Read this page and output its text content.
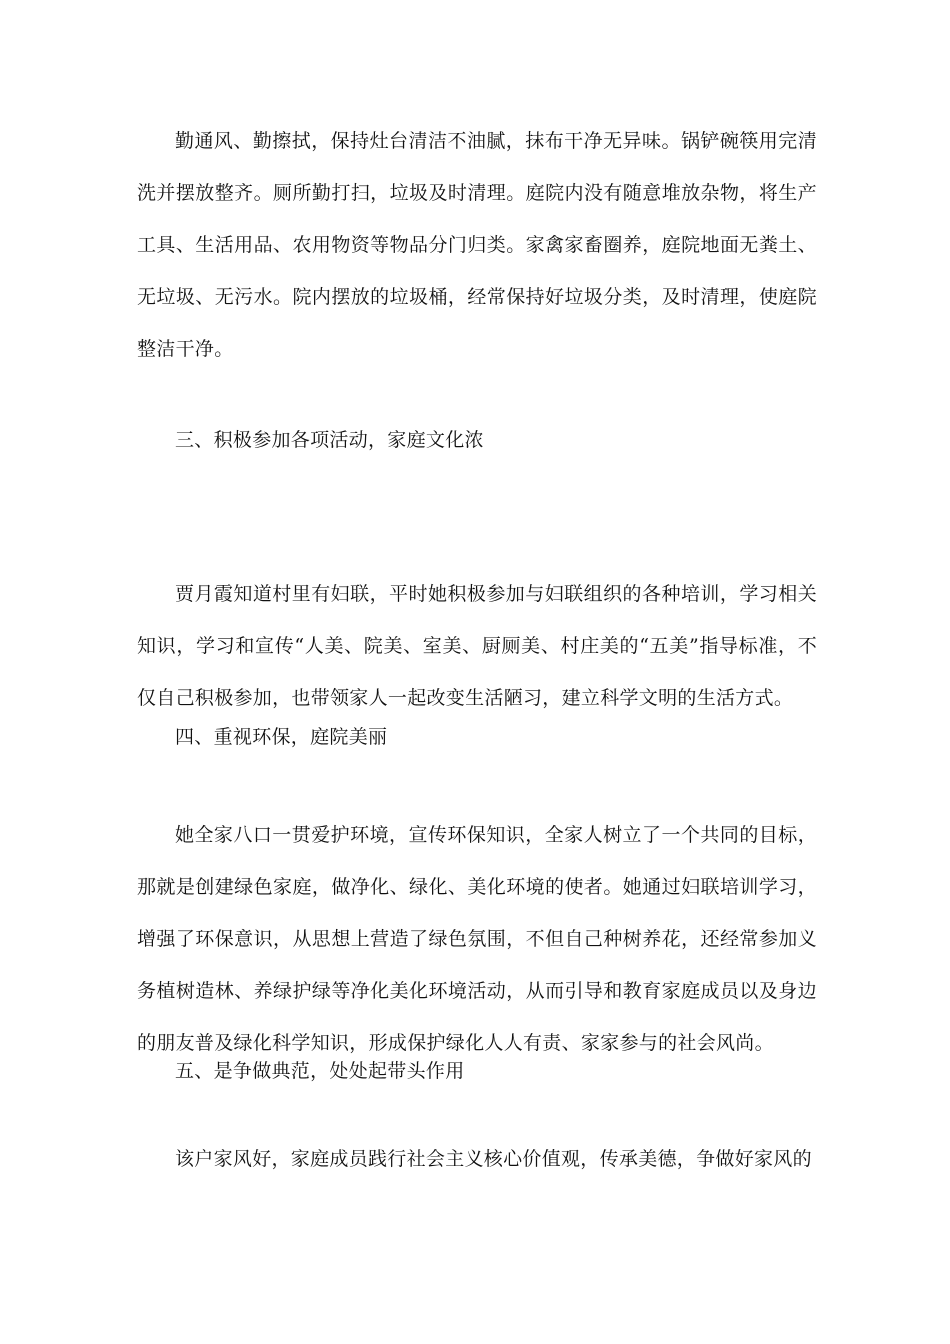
勤通风、勤擦拭，保持灶台清洁不油腻，抹布干净无异味。锅铲碗筷用完清洗并摆放整齐。厕所勤打扫，垃圾及时清理。庭院内没有随意堆放杂物，将生产工具、生活用品、农用物资等物品分门归类。家禽家畜圈养，庭院地面无粪土、无垃圾、无污水。院内摆放的垃圾桶，经常保持好垃圾分类，及时清理，使庭院整洁干净。

三、积极参加各项活动，家庭文化浓

贾月霞知道村里有妇联，平时她积极参加与妇联组织的各种培训，学习相关知识，学习和宣传“人美、院美、室美、厨厕美、村庄美的“五美”指导标准，不仅自己积极参加，也带领家人一起改变生活陋习，建立科学文明的生活方式。

四、重视环保，庭院美丽

她全家八口一贯爱护环境，宣传环保知识，全家人树立了一个共同的目标，那就是创建绿色家庭，做净化、绿化、美化环境的使者。她通过妇联培训学习，增强了环保意识，从思想上营造了绿色氛围，不但自己种树养花，还经常参加义务植树造林、养绿护绿等净化美化环境活动，从而引导和教育家庭成员以及身边的朋友普及绿化科学知识，形成保护绿化人人有责、家家参与的社会风尚。

五、是争做典范，处处起带头作用

该户家风好，家庭成员践行社会主义核心价值观，传承美德，争做好家风的
